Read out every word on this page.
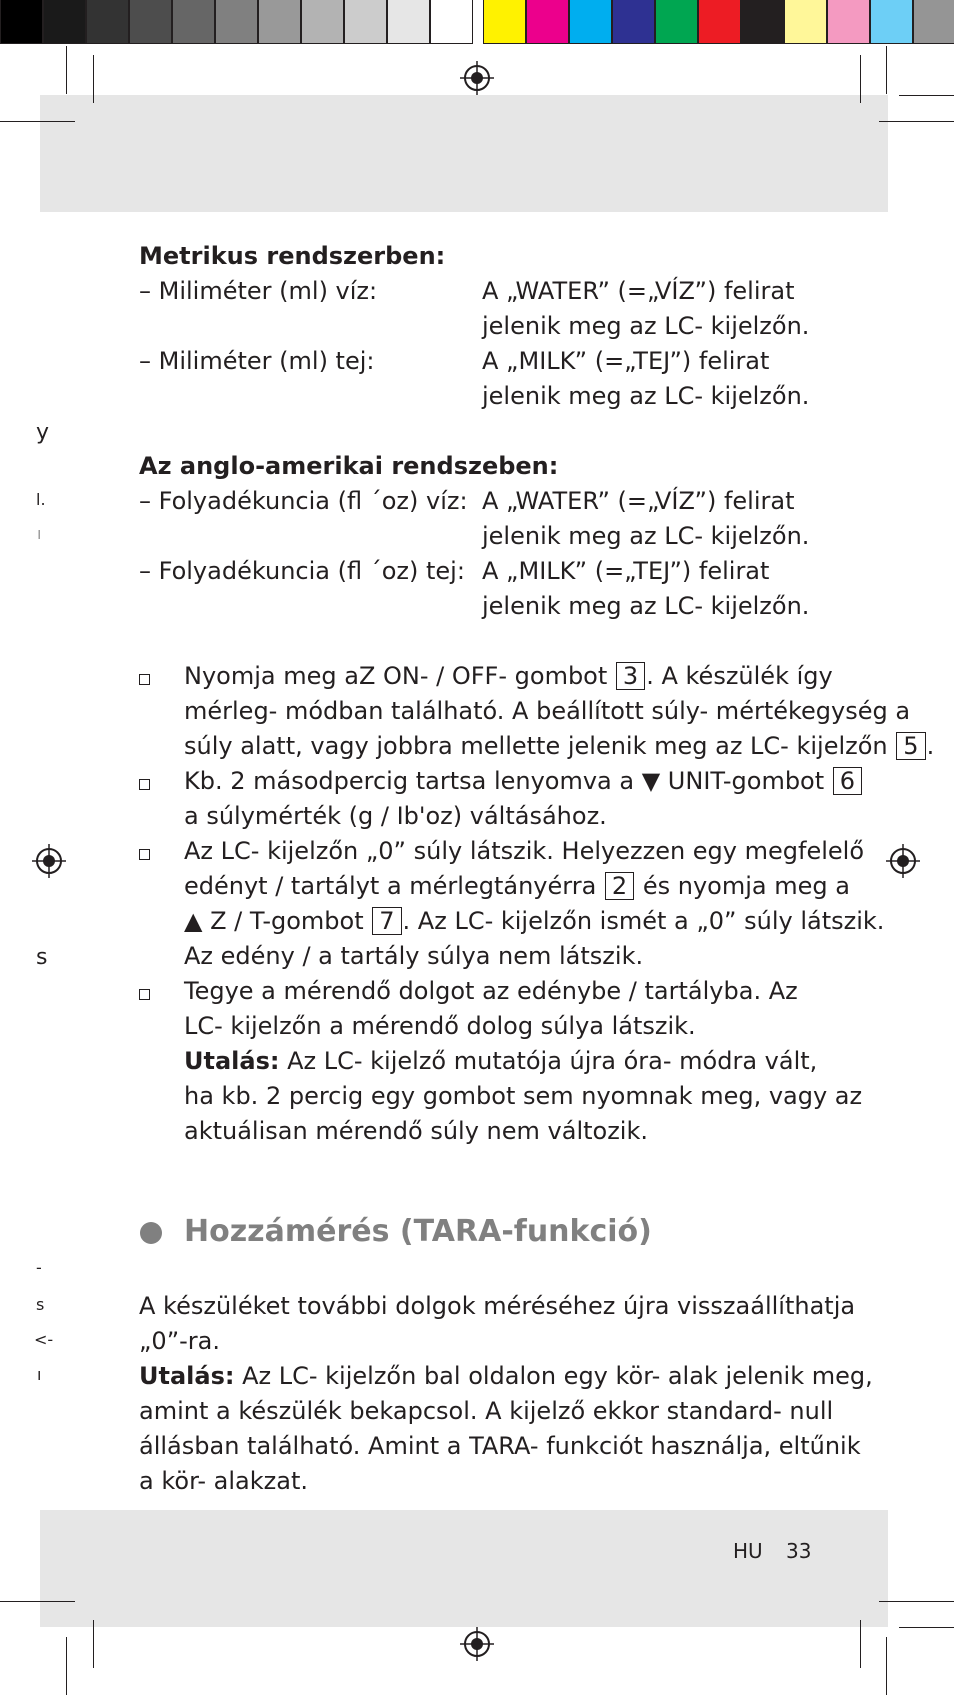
y
l.
ı
s
-
s
<-
ı
Metrikus rendszerben:
– Miliméter (ml) víz:	A „WATER” (=„VÍZ”) felirat
jelenik meg az LC- kijelzőn.
– Miliméter (ml) tej:	A „MILK” (=„TEJ”) felirat
jelenik meg az LC- kijelzőn.
Az anglo-amerikai rendszeben:
– Folyadékuncia (fl ´oz) víz: A „WATER” (=„VÍZ”) felirat
jelenik meg az LC- kijelzőn.
– Folyadékuncia (fl ´oz) tej: A „MILK” (=„TEJ”) felirat
jelenik meg az LC- kijelzőn.
Nyomja meg aZ ON- / OFF- gombot 3 . A készülék így
mérleg- módban található. A beállított súly- mértékegység a
súly alatt, vagy jobbra mellette jelenik meg az LC- kijelzőn 5 .
Kb. 2 másodpercig tartsa lenyomva a ▼ UNIT-gombot 6
a súlymérték (g / Ib'oz) váltásához.
Az LC- kijelzőn „0” súly látszik. Helyezzen egy megfelelő
edényt / tartályt a mérlegtányérra 2 és nyomja meg a
▲ Z / T-gombot 7 . Az LC- kijelzőn ismét a „0” súly látszik.
Az edény / a tartály súlya nem látszik.
Tegye a mérendő dolgot az edénybe / tartályba. Az
LC- kijelzőn a mérendő dolog súlya látszik.
Utalás: Az LC- kijelző mutatója újra óra- módra vált,
ha kb. 2 percig egy gombot sem nyomnak meg, vagy az
aktuálisan mérendő súly nem változik.
Hozzámérés (TARA-funkció)
A készüléket további dolgok méréséhez újra visszaállíthatja
„0”-ra.
Utalás: Az LC- kijelzőn bal oldalon egy kör- alak jelenik meg,
amint a készülék bekapcsol. A kijelző ekkor standard- null
állásban található. Amint a TARA- funkciót használja, eltűnik
a kör- alakzat.
HU 33
